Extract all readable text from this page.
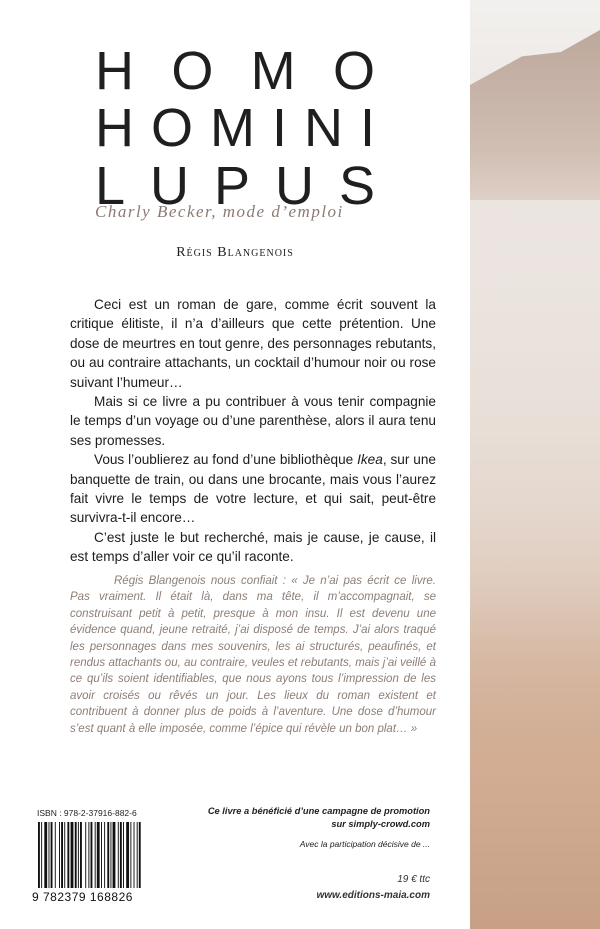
H O M O
H O M I N I
L U P U S
Charly Becker, mode d’emploi
Régis Blangenois

Ceci est un roman de gare, comme écrit souvent la critique élitiste, il n’a d’ailleurs que cette prétention. Une dose de meurtres en tout genre, des personnages rebutants, ou au contraire attachants, un cocktail d’humour noir ou rose suivant l’humeur…

Mais si ce livre a pu contribuer à vous tenir compagnie le temps d’un voyage ou d’une parenthèse, alors il aura tenu ses promesses.

Vous l’oublierez au fond d’une bibliothèque Ikea, sur une banquette de train, ou dans une brocante, mais vous l’aurez fait vivre le temps de votre lecture, et qui sait, peut-être survivra-t-il encore…

C’est juste le but recherché, mais je cause, je cause, il est temps d’aller voir ce qu’il raconte.

Régis Blangenois nous confiait : « Je n’ai pas écrit ce livre. Pas vraiment. Il était là, dans ma tête, il m’accompagnait, se construisant petit à petit, presque à mon insu. Il est devenu une évidence quand, jeune retraité, j’ai disposé de temps. J’ai alors traqué les personnages dans mes souvenirs, les ai structurés, peaufinés, et rendus attachants ou, au contraire, veules et rebutants, mais j’ai veillé à ce qu’ils soient identifiables, que nous ayons tous l’impression de les avoir croisés ou rêvés un jour. Les lieux du roman existent et contribuent à donner plus de poids à l’aventure. Une dose d’humour s’est quant à elle imposée, comme l’épice qui révèle un bon plat… »
ISBN : 978-2-37916-882-6
9 782379 168826
Ce livre a bénéficié d’une campagne de promotion
sur simply-crowd.com
Avec la participation décisive de ...
19 € ttc
www.editions-maia.com
